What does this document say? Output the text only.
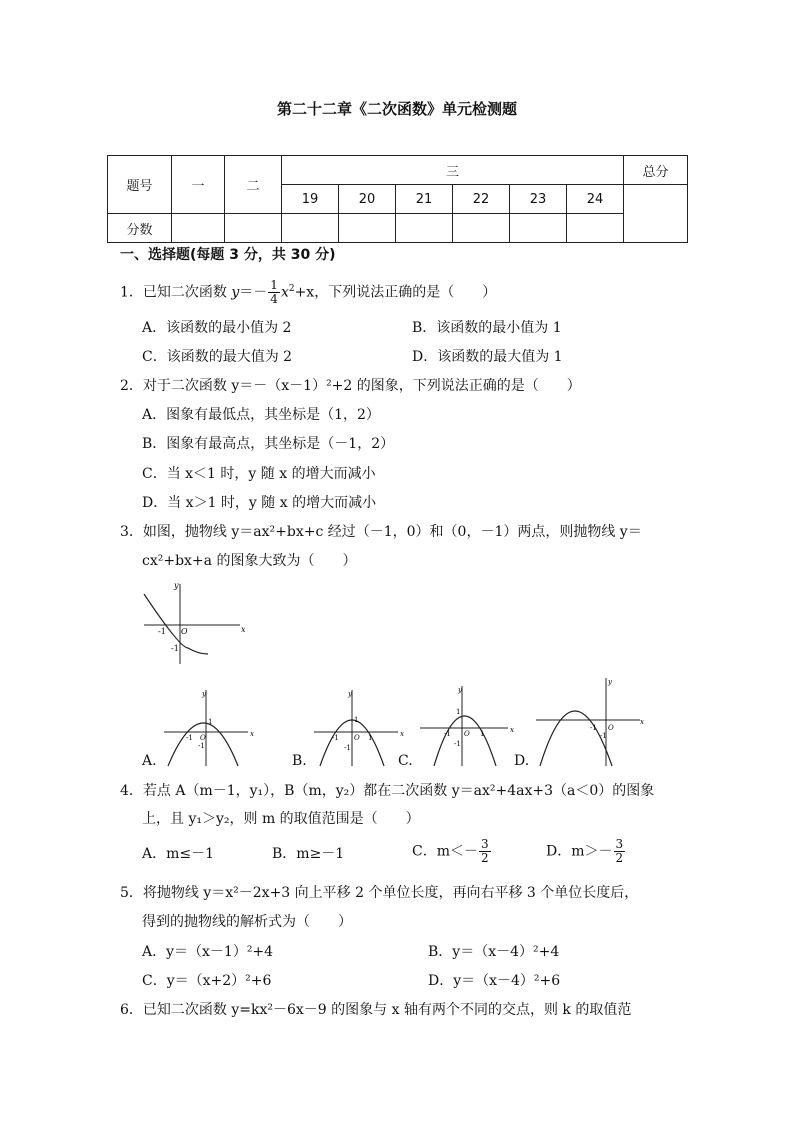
第二十二章《二次函数》单元检测题
题号	一	二	三						总分
			19	20	21	22	23	24	
分数									
一、选择题(每题 3 分，共 30 分)
1．已知二次函数 $y=- \frac{1}{4} x^2+x$，下列说法正确的是（　　）
A．该函数的最小值为 2	B．该函数的最小值为 1
C．该函数的最大值为 2	D．该函数的最大值为 1
2．对于二次函数 y＝－（x－1）²+2 的图象，下列说法正确的是（　　）
A．图象有最低点，其坐标是（1，2）
B．图象有最高点，其坐标是（－1，2）
C．当 x＜1 时，y 随 x 的增大而减小
D．当 x＞1 时，y 随 x 的增大而减小
3．如图，抛物线 y＝ax²+bx+c 经过（－1，0）和（0，－1）两点，则抛物线 y＝
cx²+bx+a 的图象大致为（　　）
x
y
O
-1
-1
x
y
O
-1
1
-1
A.
x
y
O
-1
1
1
-1
B.
x
y
O
-1
1
1
-1
C.
x
y
O
-1
-1
D.
4．若点 A（m－1，y₁），B（m，y₂）都在二次函数 y＝ax²+4ax+3（a＜0）的图象
上，且 y₁＞y₂，则 m 的取值范围是（　　）
A．m≤－1	B．m≥－1	C．$m<- \frac{3}{2}$	D．$m>- \frac{3}{2}$
5．将抛物线 y＝x²－2x+3 向上平移 2 个单位长度，再向右平移 3 个单位长度后，
得到的抛物线的解析式为（　　）
A．y＝（x－1）²+4	B．y＝（x－4）²+4
C．y＝（x+2）²+6	D．y＝（x－4）²+6
6．已知二次函数 y=kx²－6x－9 的图象与 x 轴有两个不同的交点，则 k 的取值范
